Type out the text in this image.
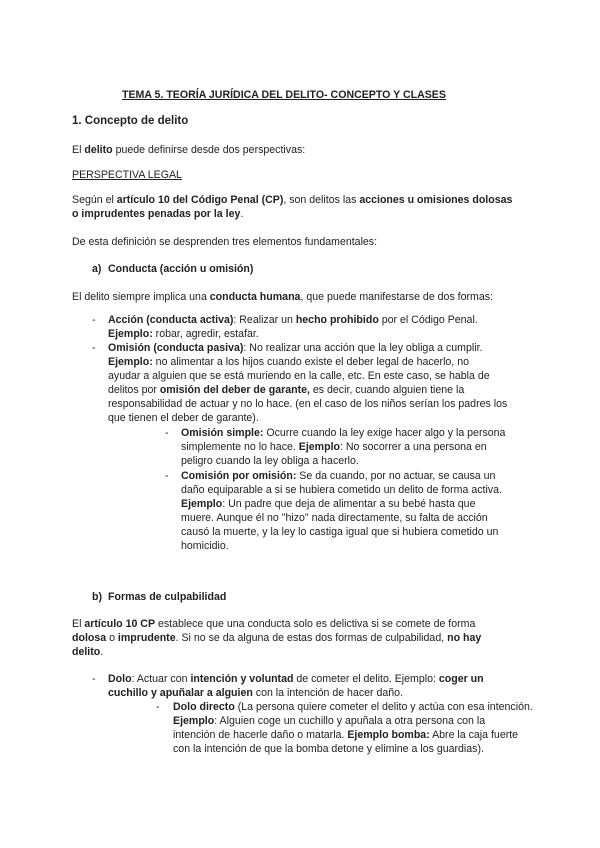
TEMA 5. TEORÍA JURÍDICA DEL DELITO- CONCEPTO Y CLASES
1. Concepto de delito
El delito puede definirse desde dos perspectivas:
PERSPECTIVA LEGAL
Según el artículo 10 del Código Penal (CP), son delitos las acciones u omisiones dolosas
o imprudentes penadas por la ley.
De esta definición se desprenden tres elementos fundamentales:
a) Conducta (acción u omisión)
El delito siempre implica una conducta humana, que puede manifestarse de dos formas:
- Acción (conducta activa): Realizar un hecho prohibido por el Código Penal.
Ejemplo: robar, agredir, estafar.
- Omisión (conducta pasiva): No realizar una acción que la ley obliga a cumplir.
Ejemplo: no alimentar a los hijos cuando existe el deber legal de hacerlo, no
ayudar a alguien que se está muriendo en la calle, etc. En este caso, se habla de
delitos por omisión del deber de garante, es decir, cuando alguien tiene la
responsabilidad de actuar y no lo hace. (en el caso de los niños serían los padres los
que tienen el deber de garante).
- Omisión simple: Ocurre cuando la ley exige hacer algo y la persona
simplemente no lo hace. Ejemplo: No socorrer a una persona en
peligro cuando la ley obliga a hacerlo.
- Comisión por omisión: Se da cuando, por no actuar, se causa un
daño equiparable a si se hubiera cometido un delito de forma activa.
Ejemplo: Un padre que deja de alimentar a su bebé hasta que
muere. Aunque él no "hizo" nada directamente, su falta de acción
causó la muerte, y la ley lo castiga igual que si hubiera cometido un
homicidio.
b) Formas de culpabilidad
El artículo 10 CP establece que una conducta solo es delictiva si se comete de forma
dolosa o imprudente. Si no se da alguna de estas dos formas de culpabilidad, no hay
delito.
- Dolo: Actuar con intención y voluntad de cometer el delito. Ejemplo: coger un
cuchillo y apuñalar a alguien con la intención de hacer daño.
- Dolo directo (La persona quiere cometer el delito y actúa con esa intención.
Ejemplo: Alguien coge un cuchillo y apuñala a otra persona con la
intención de hacerle daño o matarla. Ejemplo bomba: Abre la caja fuerte
con la intención de que la bomba detone y elimine a los guardias).
